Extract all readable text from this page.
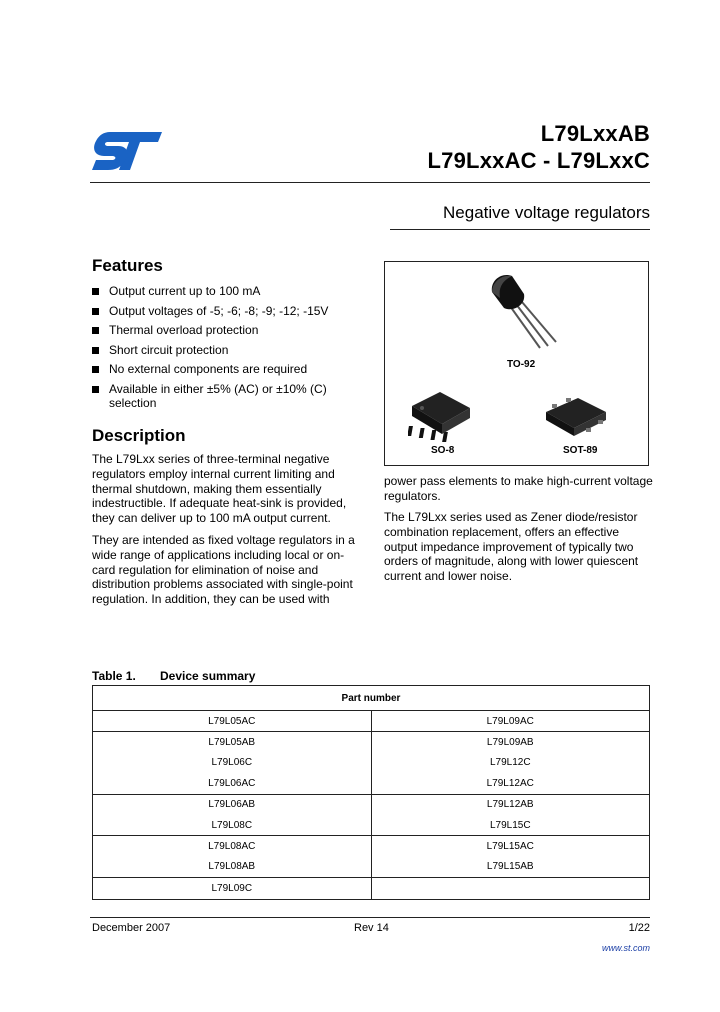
L79LxxAB
L79LxxAC - L79LxxC
Negative voltage regulators
Features
Output current up to 100 mA
Output voltages of -5; -6; -8; -9; -12; -15V
Thermal overload protection
Short circuit protection
No external components are required
Available in either ±5% (AC) or ±10% (C) selection
TO-92
SO-8	SOT-89
Description
The L79Lxx series of three-terminal negative regulators employ internal current limiting and thermal shutdown, making them essentially indestructible. If adequate heat-sink is provided, they can deliver up to 100 mA output current.
They are intended as fixed voltage regulators in a wide range of applications including local or on-card regulation for elimination of noise and distribution problems associated with single-point regulation. In addition, they can be used with
power pass elements to make high-current voltage regulators.
The L79Lxx series used as Zener diode/resistor combination replacement, offers an effective output impedance improvement of typically two orders of magnitude, along with lower quiescent current and lower noise.
Table 1. Device summary
Part number	
L79L05AC	L79L09AC
L79L05AB	L79L09AB
L79L06C	L79L12C
L79L06AC	L79L12AC
L79L06AB	L79L12AB
L79L08C	L79L15C
L79L08AC	L79L15AC
L79L08AB	L79L15AB
L79L09C	
December 2007	Rev 14	1/22
www.st.com
